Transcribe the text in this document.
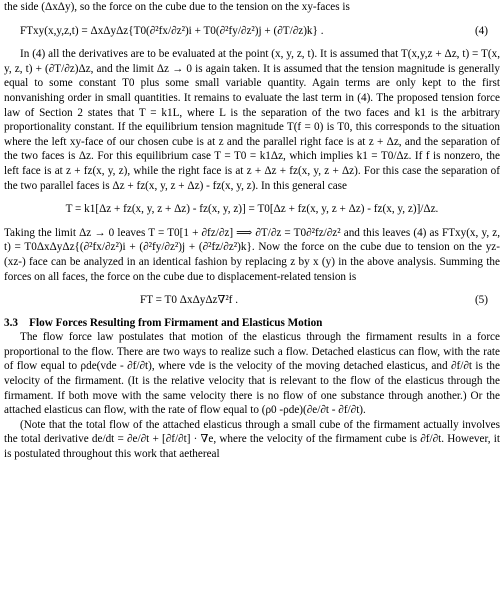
the side (ΔxΔy), so the force on the cube due to the tension on the xy-faces is

FTxy(x,y,z,t) = ΔxΔyΔz{T0(∂²fx/∂z²)i + T0(∂²fy/∂z²)j + (∂T/∂z)k} .	(4)

In (4) all the derivatives are to be evaluated at the point (x, y, z, t). It is assumed that T(x,y,z + Δz, t) = T(x, y, z, t) + (∂T/∂z)Δz, and the limit Δz → 0 is again taken. It is assumed that the tension magnitude is generally equal to some constant T0 plus some small variable quantity. Again terms are only kept to the first nonvanishing order in small quantities. It remains to evaluate the last term in (4). The proposed tension force law of Section 2 states that T = k1L, where L is the separation of the two faces and k1 is the arbitrary proportionality constant. If the equilibrium tension magnitude T(f = 0) is T0, this corresponds to the situation where the left xy-face of our chosen cube is at z and the parallel right face is at z + Δz, and the separation of the two faces is Δz. For this equilibrium case T = T0 = k1Δz, which implies k1 = T0/Δz. If f is nonzero, the left face is at z + fz(x, y, z), while the right face is at z + Δz + fz(x, y, z + Δz). For this case the separation of the two parallel faces is Δz + fz(x, y, z + Δz) - fz(x, y, z). In this general case

T = k1[Δz + fz(x, y, z + Δz) - fz(x, y, z)] = T0[Δz + fz(x, y, z + Δz) - fz(x, y, z)]/Δz.

Taking the limit Δz → 0 leaves T = T0[1 + ∂fz/∂z] ⟹ ∂T/∂z = T0∂²fz/∂z² and this leaves (4) as FTxy(x, y, z, t) = T0ΔxΔyΔz{(∂²fx/∂z²)i + (∂²fy/∂z²)j + (∂²fz/∂z²)k}. Now the force on the cube due to tension on the yz- (xz-) face can be analyzed in an identical fashion by replacing z by x (y) in the above analysis. Summing the forces on all faces, the force on the cube due to displacement-related tension is

FT = T0 ΔxΔyΔz∇²f .	(5)
3.3 Flow Forces Resulting from Firmament and Elasticus Motion

The flow force law postulates that motion of the elasticus through the firmament results in a force proportional to the flow. There are two ways to realize such a flow. Detached elasticus can flow, with the rate of flow equal to ρde(vde - ∂f/∂t), where vde is the velocity of the moving detached elasticus, and ∂f/∂t is the velocity of the firmament. (It is the relative velocity that is relevant to the flow of the elasticus through the firmament. If both move with the same velocity there is no flow of one substance through another.) Or the attached elasticus can flow, with the rate of flow equal to (ρ0 -ρde)(∂e/∂t - ∂f/∂t).

(Note that the total flow of the attached elasticus through a small cube of the firmament actually involves the total derivative de/dt = ∂e/∂t + [∂f/∂t] · ∇e, where the velocity of the firmament cube is ∂f/∂t. However, it is postulated throughout this work that aethereal
